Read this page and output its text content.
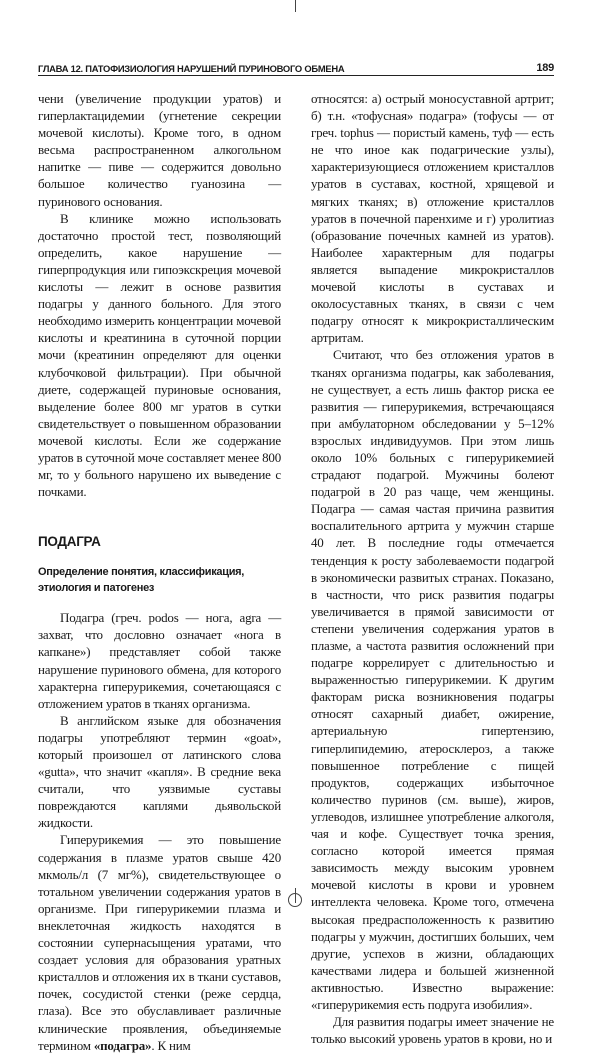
ГЛАВА 12. ПАТОФИЗИОЛОГИЯ НАРУШЕНИЙ ПУРИНОВОГО ОБМЕНА	189

чени (увеличение продукции уратов) и гиперлактацидемии (угнетение секреции мочевой кислоты). Кроме того, в одном весьма распространенном алкогольном напитке — пиве — содержится довольно большое количество гуанозина — пуринового основания.

В клинике можно использовать достаточно простой тест, позволяющий определить, какое нарушение — гиперпродукция или гипоэкскреция мочевой кислоты — лежит в основе развития подагры у данного больного. Для этого необходимо измерить концентрации мочевой кислоты и креатинина в суточной порции мочи (креатинин определяют для оценки клубочковой фильтрации). При обычной диете, содержащей пуриновые основания, выделение более 800 мг уратов в сутки свидетельствует о повышенном образовании мочевой кислоты. Если же содержание уратов в суточной моче составляет менее 800 мг, то у больного нарушено их выведение с почками.

ПОДАГРА
Определение понятия, классификация, этиология и патогенез

Подагра (греч. podos — нога, agra — захват, что дословно означает «нога в капкане») представляет собой также нарушение пуринового обмена, для которого характерна гиперурикемия, сочетающаяся с отложением уратов в тканях организма.

В английском языке для обозначения подагры употребляют термин «goat», который произошел от латинского слова «gutta», что значит «капля». В средние века считали, что уязвимые суставы повреждаются каплями дьявольской жидкости.

Гиперурикемия — это повышение содержания в плазме уратов свыше 420 мкмоль/л (7 мг%), свидетельствующее о тотальном увеличении содержания уратов в организме. При гиперурикемии плазма и внеклеточная жидкость находятся в состоянии супернасыщения уратами, что создает условия для образования уратных кристаллов и отложения их в ткани суставов, почек, сосудистой стенки (реже сердца, глаза). Все это обуславливает различные клинические проявления, объединяемые термином «подагра». К ним

относятся: а) острый моносуставной артрит; б) т.н. «тофусная» подагра» (тофусы — от греч. tophus — пористый камень, туф — есть не что иное как подагрические узлы), характеризующиеся отложением кристаллов уратов в суставах, костной, хрящевой и мягких тканях; в) отложение кристаллов уратов в почечной паренхиме и г) уролитиаз (образование почечных камней из уратов). Наиболее характерным для подагры является выпадение микрокристаллов мочевой кислоты в суставах и околосуставных тканях, в связи с чем подагру относят к микрокристаллическим артритам.

Считают, что без отложения уратов в тканях организма подагры, как заболевания, не существует, а есть лишь фактор риска ее развития — гиперурикемия, встречающаяся при амбулаторном обследовании у 5–12% взрослых индивидуумов. При этом лишь около 10% больных с гиперурикемией страдают подагрой. Мужчины болеют подагрой в 20 раз чаще, чем женщины. Подагра — самая частая причина развития воспалительного артрита у мужчин старше 40 лет. В последние годы отмечается тенденция к росту заболеваемости подагрой в экономически развитых странах. Показано, в частности, что риск развития подагры увеличивается в прямой зависимости от степени увеличения содержания уратов в плазме, а частота развития осложнений при подагре коррелирует с длительностью и выраженностью гиперурикемии. К другим факторам риска возникновения подагры относят сахарный диабет, ожирение, артериальную гипертензию, гиперлипидемию, атеросклероз, а также повышенное потребление с пищей продуктов, содержащих избыточное количество пуринов (см. выше), жиров, углеводов, излишнее употребление алкоголя, чая и кофе. Существует точка зрения, согласно которой имеется прямая зависимость между высоким уровнем мочевой кислоты в крови и уровнем интеллекта человека. Кроме того, отмечена высокая предрасположенность к развитию подагры у мужчин, достигших больших, чем другие, успехов в жизни, обладающих качествами лидера и большей жизненной активностью. Известно выражение: «гиперурикемия есть подруга изобилия».

Для развития подагры имеет значение не только высокий уровень уратов в крови, но и
